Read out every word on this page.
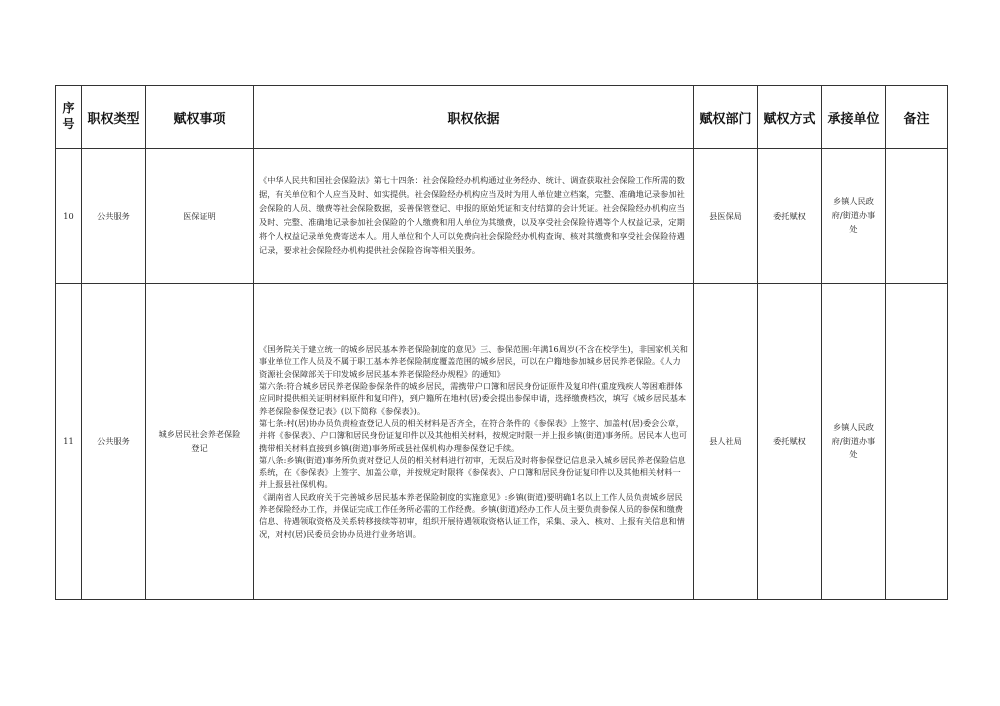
序号	职权类型	赋权事项	职权依据	赋权部门	赋权方式	承接单位	备注
10	公共服务	医保证明	《中华人民共和国社会保险法》第七十四条：社会保险经办机构通过业务经办、统计、调查获取社会保险工作所需的数据，有关单位和个人应当及时、如实提供。社会保险经办机构应当及时为用人单位建立档案，完整、准确地记录参加社会保险的人员、缴费等社会保险数据，妥善保管登记、申报的原始凭证和支付结算的会计凭证。社会保险经办机构应当及时、完整、准确地记录参加社会保险的个人缴费和用人单位为其缴费，以及享受社会保险待遇等个人权益记录，定期将个人权益记录单免费寄送本人。用人单位和个人可以免费向社会保险经办机构查询、核对其缴费和享受社会保险待遇记录，要求社会保险经办机构提供社会保险咨询等相关服务。	县医保局	委托赋权	乡镇人民政府/街道办事处	

11	公共服务	城乡居民社会养老保险登记	《国务院关于建立统一的城乡居民基本养老保险制度的意见》三、参保范围:年满16周岁(不含在校学生)，非国家机关和事业单位工作人员及不属于职工基本养老保险制度覆盖范围的城乡居民，可以在户籍地参加城乡居民养老保险。《人力资源社会保障部关于印发城乡居民基本养老保险经办规程》的通知》

第六条:符合城乡居民养老保险参保条件的城乡居民，需携带户口簿和居民身份证原件及复印件(重度残疾人等困难群体应同时提供相关证明材料原件和复印件)，到户籍所在地村(居)委会提出参保申请，选择缴费档次，填写《城乡居民基本养老保险参保登记表》(以下简称《参保表》)。

第七条:村(居)协办员负责检查登记人员的相关材料是否齐全，在符合条件的《参保表》上签字、加盖村(居)委会公章，并将《参保表》、户口簿和居民身份证复印件以及其他相关材料，按规定时限一并上报乡镇(街道)事务所。居民本人也可携带相关材料直接到乡镇(街道)事务所或县社保机构办理参保登记手续。

第八条:乡镇(街道)事务所负责对登记人员的相关材料进行初审，无误后及时将参保登记信息录入城乡居民养老保险信息系统，在《参保表》上签字、加盖公章，并按规定时限将《参保表》、户口簿和居民身份证复印件以及其他相关材料一并上报县社保机构。

《湖南省人民政府关于完善城乡居民基本养老保险制度的实施意见》:乡镇(街道)要明确1名以上工作人员负责城乡居民养老保险经办工作，并保证完成工作任务所必需的工作经费。乡镇(街道)经办工作人员主要负责参保人员的参保和缴费信息、待遇领取资格及关系转移接续等初审，组织开展待遇领取资格认证工作，采集、录入、核对、上报有关信息和情况，对村(居)民委员会协办员进行业务培训。	县人社局	委托赋权	乡镇人民政府/街道办事处	
